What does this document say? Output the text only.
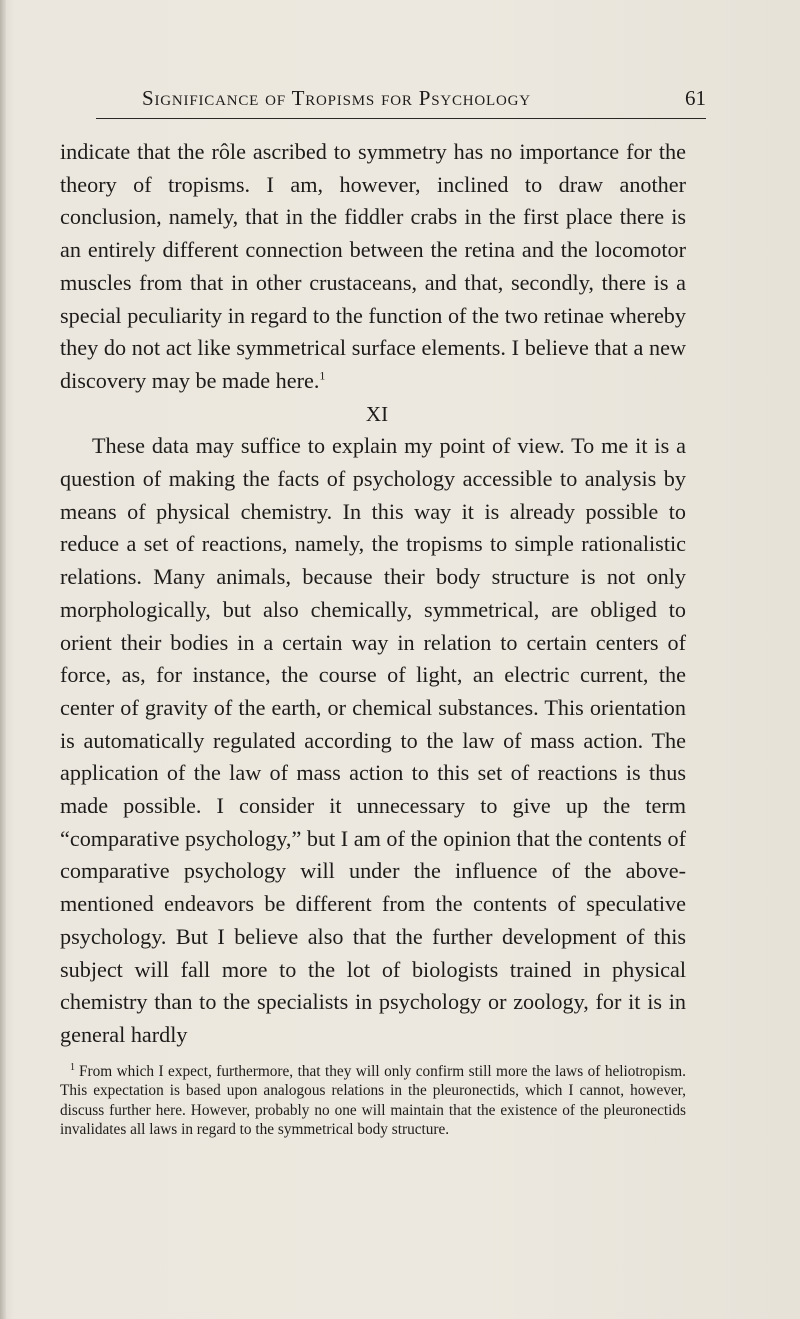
Significance of Tropisms for Psychology	61

indicate that the rôle ascribed to symmetry has no importance for the theory of tropisms. I am, however, inclined to draw another conclusion, namely, that in the fiddler crabs in the first place there is an entirely different connection between the retina and the locomotor muscles from that in other crustaceans, and that, secondly, there is a special peculiarity in regard to the function of the two retinae whereby they do not act like symmetrical surface elements. I believe that a new discovery may be made here.$^1$

XI

These data may suffice to explain my point of view. To me it is a question of making the facts of psychology accessible to analysis by means of physical chemistry. In this way it is already possible to reduce a set of reactions, namely, the tropisms to simple rationalistic relations. Many animals, because their body structure is not only morphologically, but also chemically, symmetrical, are obliged to orient their bodies in a certain way in relation to certain centers of force, as, for instance, the course of light, an electric current, the center of gravity of the earth, or chemical substances. This orientation is automatically regulated according to the law of mass action. The application of the law of mass action to this set of reactions is thus made possible. I consider it unnecessary to give up the term “comparative psychology,” but I am of the opinion that the contents of comparative psychology will under the influence of the above-mentioned endeavors be different from the contents of speculative psychology. But I believe also that the further development of this subject will fall more to the lot of biologists trained in physical chemistry than to the specialists in psychology or zoology, for it is in general hardly

$^1$ From which I expect, furthermore, that they will only confirm still more the laws of heliotropism. This expectation is based upon analogous relations in the pleuronectids, which I cannot, however, discuss further here. However, probably no one will maintain that the existence of the pleuronectids invalidates all laws in regard to the symmetrical body structure.
